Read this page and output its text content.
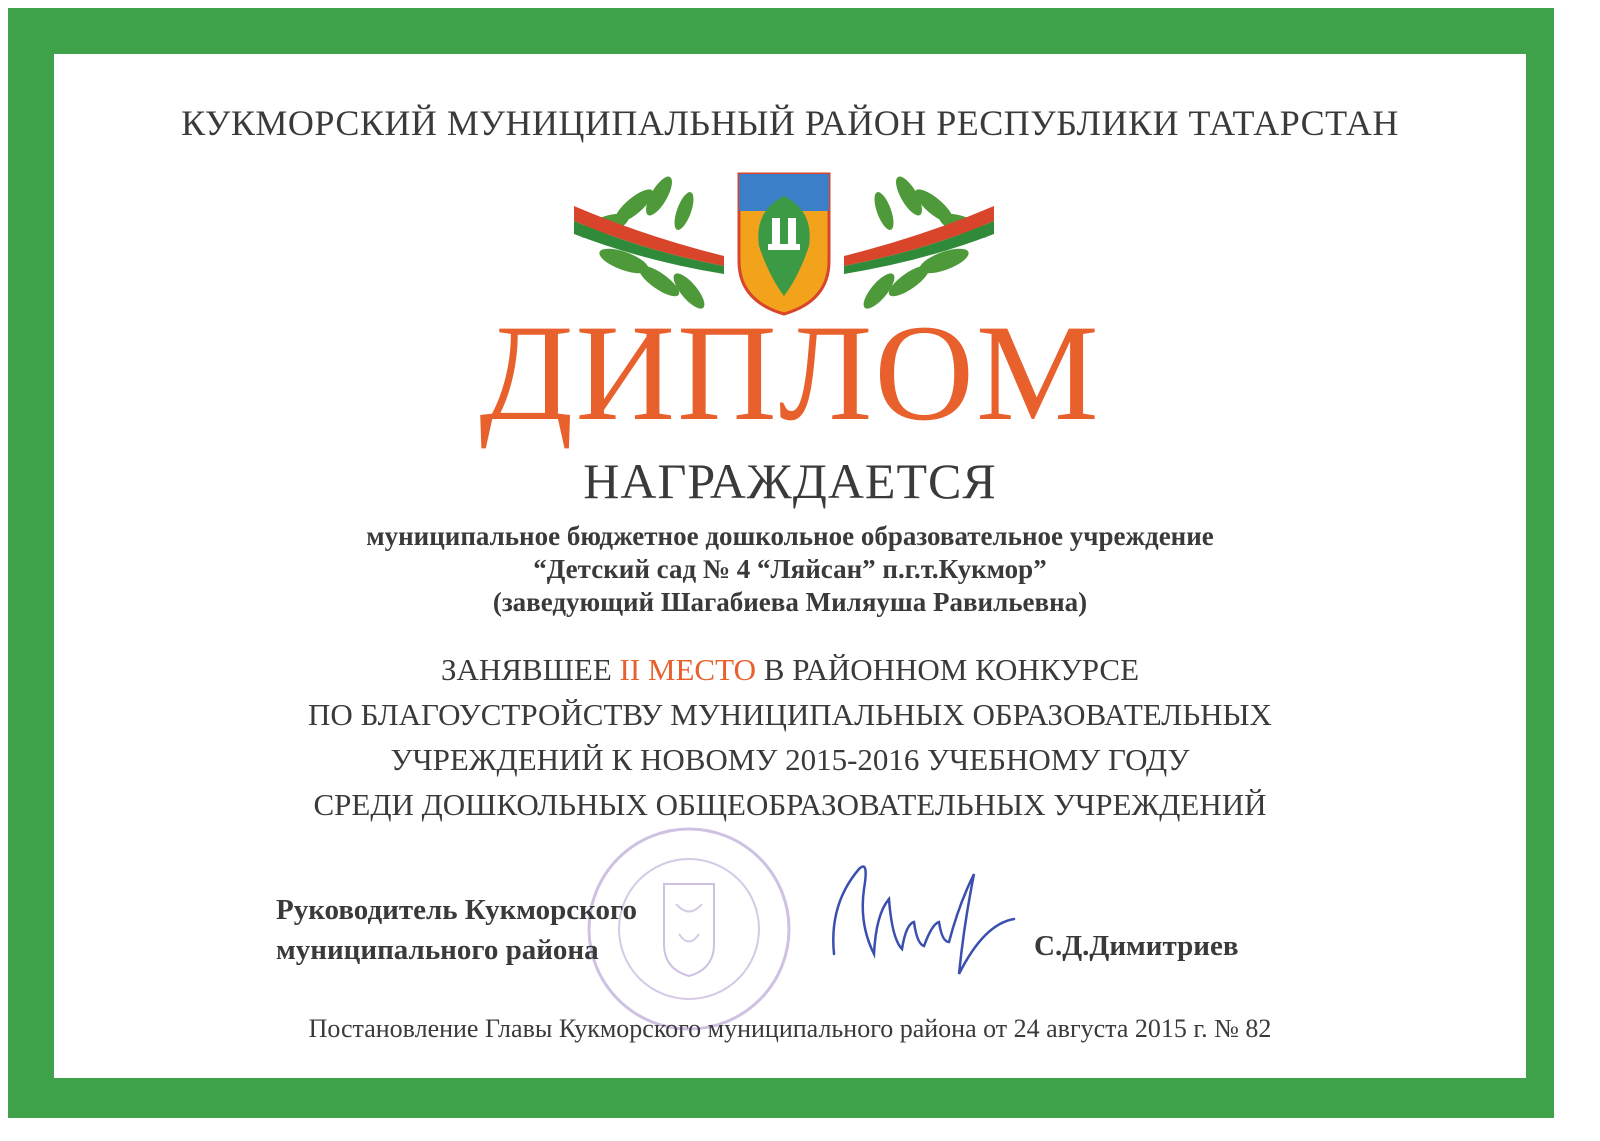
КУКМОРСКИЙ МУНИЦИПАЛЬНЫЙ РАЙОН РЕСПУБЛИКИ ТАТАРСТАН

ДИПЛОМ

НАГРАЖДАЕТСЯ

муниципальное бюджетное дошкольное образовательное учреждение
“Детский сад № 4 “Ляйсан” п.г.т.Кукмор”
(заведующий Шагабиева Миляуша Равильевна)

ЗАНЯВШЕЕ II МЕСТО В РАЙОННОМ КОНКУРСЕ
ПО БЛАГОУСТРОЙСТВУ МУНИЦИПАЛЬНЫХ ОБРАЗОВАТЕЛЬНЫХ
УЧРЕЖДЕНИЙ К НОВОМУ 2015-2016 УЧЕБНОМУ ГОДУ
СРЕДИ ДОШКОЛЬНЫХ ОБЩЕОБРАЗОВАТЕЛЬНЫХ УЧРЕЖДЕНИЙ

Руководитель Кукморского
муниципального района	С.Д.Димитриев

Постановление Главы Кукморского муниципального района от 24 августа 2015 г. № 82
